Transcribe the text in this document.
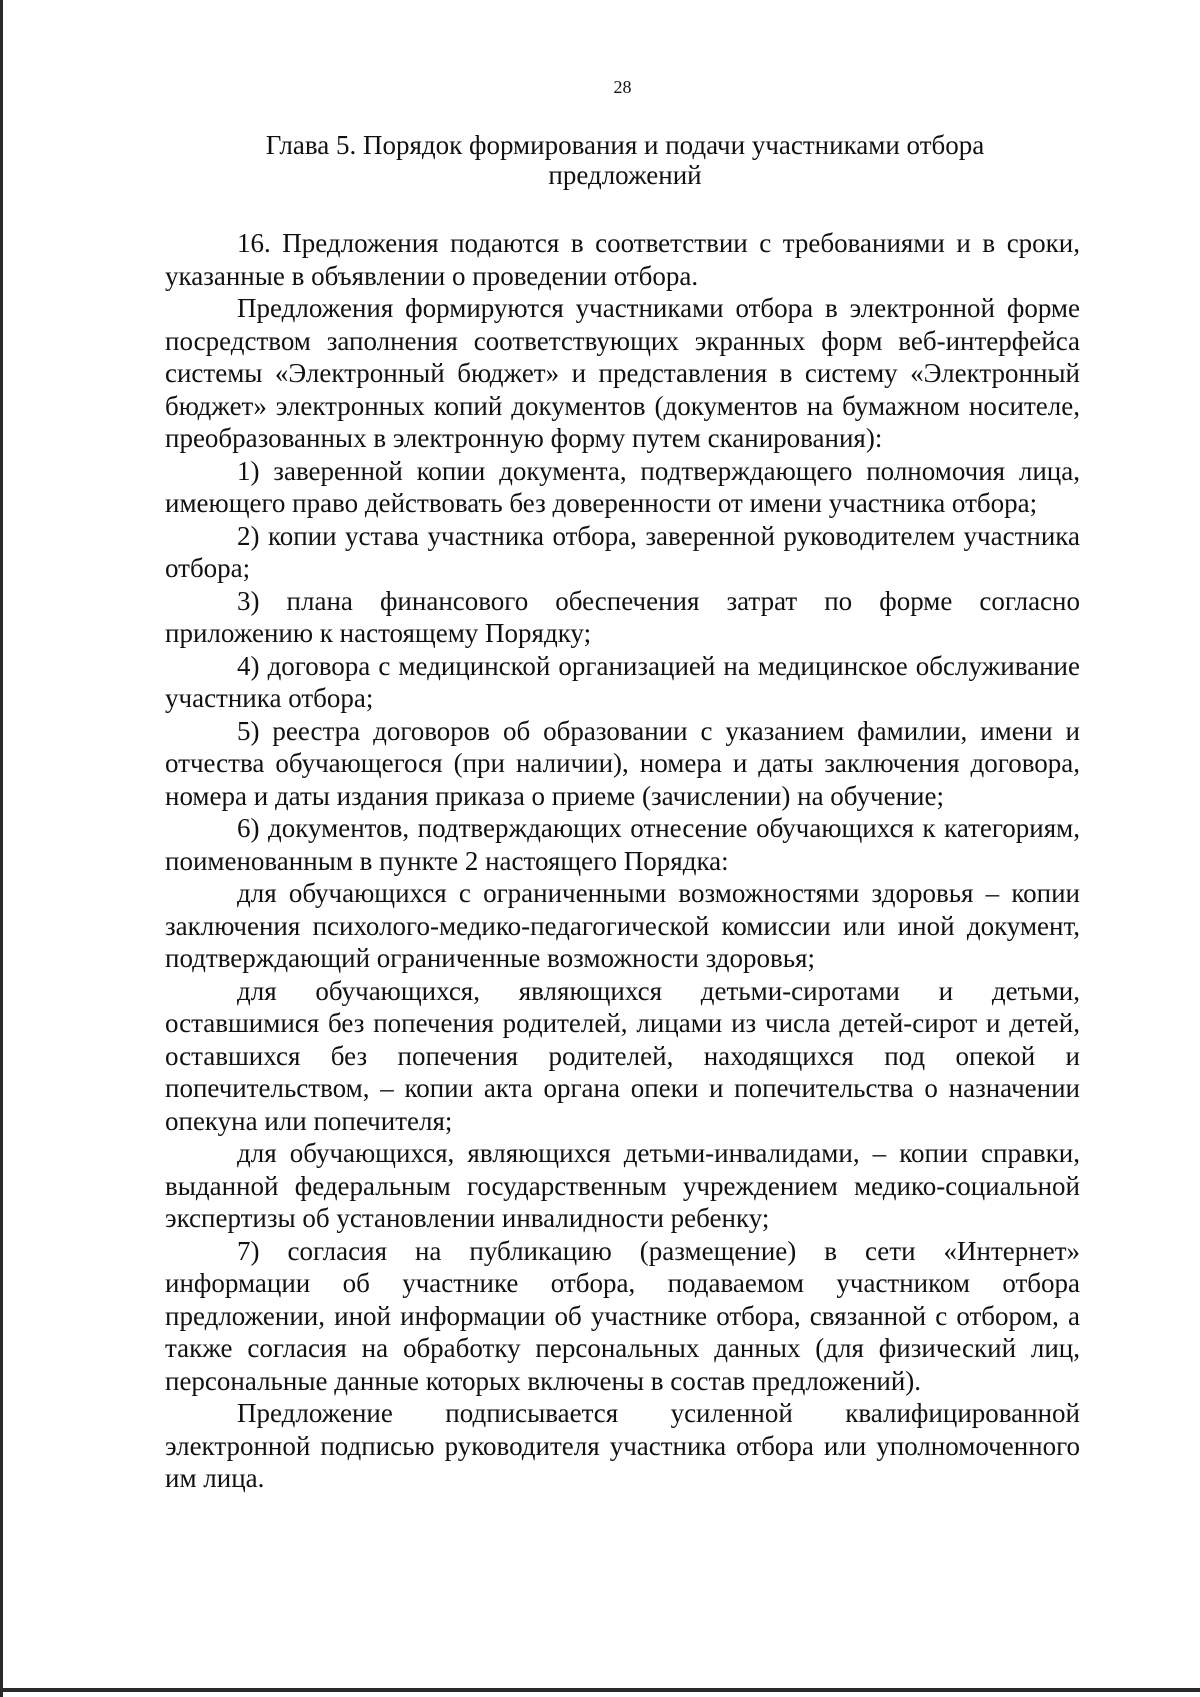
28
Глава 5. Порядок формирования и подачи участниками отбора предложений

16. Предложения подаются в соответствии с требованиями и в сроки, указанные в объявлении о проведении отбора.

Предложения формируются участниками отбора в электронной форме посредством заполнения соответствующих экранных форм веб-интерфейса системы «Электронный бюджет» и представления в систему «Электронный бюджет» электронных копий документов (документов на бумажном носителе, преобразованных в электронную форму путем сканирования):

1) заверенной копии документа, подтверждающего полномочия лица, имеющего право действовать без доверенности от имени участника отбора;

2) копии устава участника отбора, заверенной руководителем участника отбора;

3) плана финансового обеспечения затрат по форме согласно приложению к настоящему Порядку;

4) договора с медицинской организацией на медицинское обслуживание участника отбора;

5) реестра договоров об образовании с указанием фамилии, имени и отчества обучающегося (при наличии), номера и даты заключения договора, номера и даты издания приказа о приеме (зачислении) на обучение;

6) документов, подтверждающих отнесение обучающихся к категориям, поименованным в пункте 2 настоящего Порядка:

для обучающихся с ограниченными возможностями здоровья – копии заключения психолого-медико-педагогической комиссии или иной документ, подтверждающий ограниченные возможности здоровья;

для обучающихся, являющихся детьми-сиротами и детьми, оставшимися без попечения родителей, лицами из числа детей-сирот и детей, оставшихся без попечения родителей, находящихся под опекой и попечительством, – копии акта органа опеки и попечительства о назначении опекуна или попечителя;

для обучающихся, являющихся детьми-инвалидами, – копии справки, выданной федеральным государственным учреждением медико-социальной экспертизы об установлении инвалидности ребенку;

7) согласия на публикацию (размещение) в сети «Интернет» информации об участнике отбора, подаваемом участником отбора предложении, иной информации об участнике отбора, связанной с отбором, а также согласия на обработку персональных данных (для физический лиц, персональные данные которых включены в состав предложений).

Предложение подписывается усиленной квалифицированной электронной подписью руководителя участника отбора или уполномоченного им лица.
